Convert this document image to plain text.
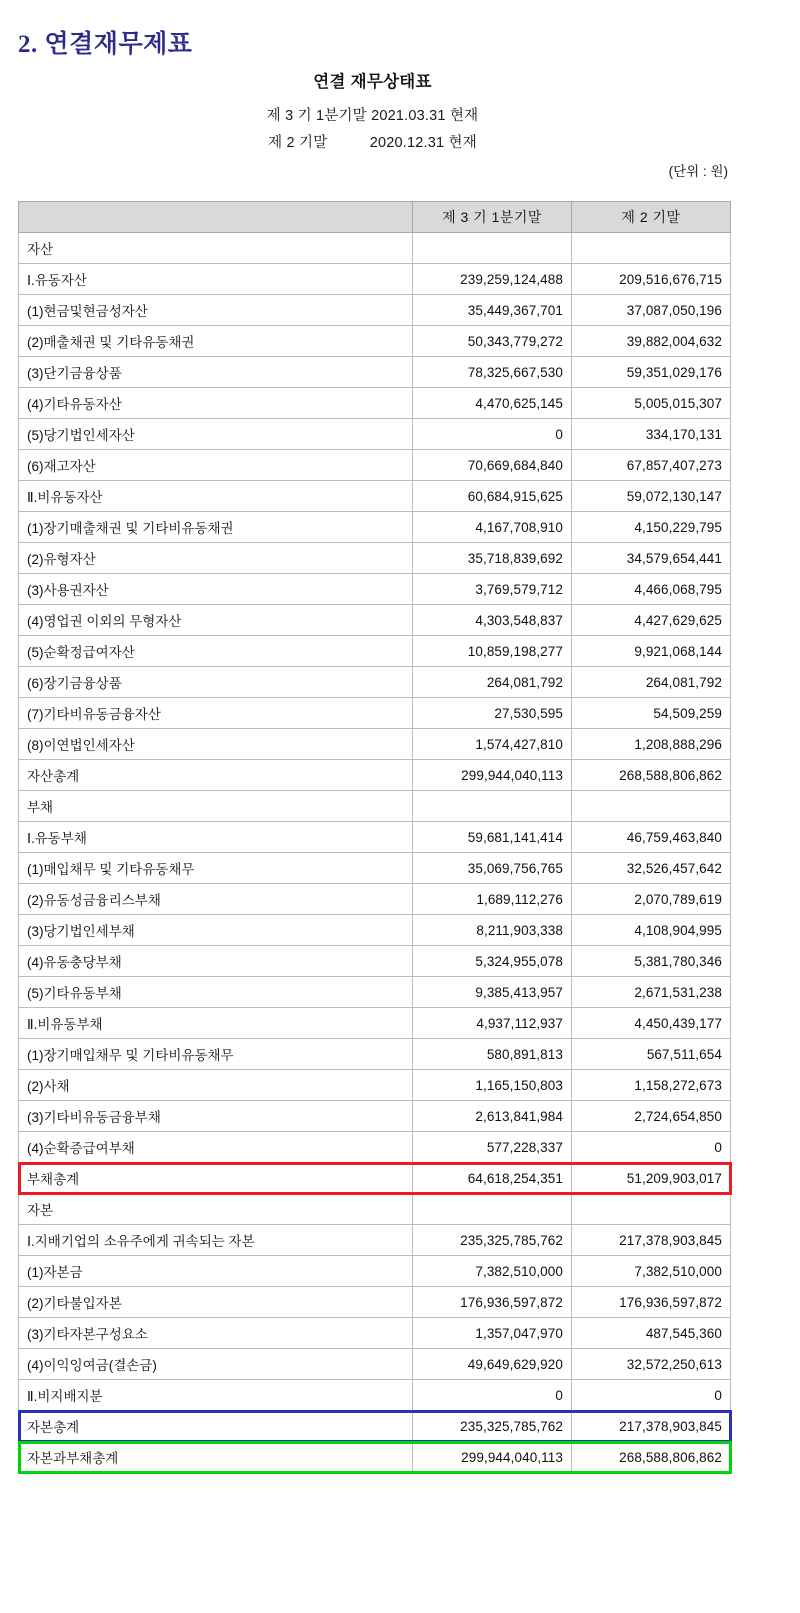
2. 연결재무제표
연결 재무상태표
제 3 기 1분기말 2021.03.31 현재
제 2 기말          2020.12.31 현재
(단위 : 원)
	제 3 기 1분기말	제 2 기말
자산		
Ⅰ.유동자산	239,259,124,488	209,516,676,715
(1)현금및현금성자산	35,449,367,701	37,087,050,196
(2)매출채권 및 기타유동채권	50,343,779,272	39,882,004,632
(3)단기금융상품	78,325,667,530	59,351,029,176
(4)기타유동자산	4,470,625,145	5,005,015,307
(5)당기법인세자산	0	334,170,131
(6)재고자산	70,669,684,840	67,857,407,273
Ⅱ.비유동자산	60,684,915,625	59,072,130,147
(1)장기매출채권 및 기타비유동채권	4,167,708,910	4,150,229,795
(2)유형자산	35,718,839,692	34,579,654,441
(3)사용권자산	3,769,579,712	4,466,068,795
(4)영업권 이외의 무형자산	4,303,548,837	4,427,629,625
(5)순확정급여자산	10,859,198,277	9,921,068,144
(6)장기금융상품	264,081,792	264,081,792
(7)기타비유동금융자산	27,530,595	54,509,259
(8)이연법인세자산	1,574,427,810	1,208,888,296
자산총계	299,944,040,113	268,588,806,862
부채		
Ⅰ.유동부채	59,681,141,414	46,759,463,840
(1)매입채무 및 기타유동채무	35,069,756,765	32,526,457,642
(2)유동성금융리스부채	1,689,112,276	2,070,789,619
(3)당기법인세부채	8,211,903,338	4,108,904,995
(4)유동충당부채	5,324,955,078	5,381,780,346
(5)기타유동부채	9,385,413,957	2,671,531,238
Ⅱ.비유동부채	4,937,112,937	4,450,439,177
(1)장기매입채무 및 기타비유동채무	580,891,813	567,511,654
(2)사채	1,165,150,803	1,158,272,673
(3)기타비유동금융부채	2,613,841,984	2,724,654,850
(4)순확증급여부채	577,228,337	0
부채총계	64,618,254,351	51,209,903,017
자본		
Ⅰ.지배기업의 소유주에게 귀속되는 자본	235,325,785,762	217,378,903,845
(1)자본금	7,382,510,000	7,382,510,000
(2)기타불입자본	176,936,597,872	176,936,597,872
(3)기타자본구성요소	1,357,047,970	487,545,360
(4)이익잉여금(결손금)	49,649,629,920	32,572,250,613
Ⅱ.비지배지분	0	0
자본총계	235,325,785,762	217,378,903,845
자본과부채총계	299,944,040,113	268,588,806,862
